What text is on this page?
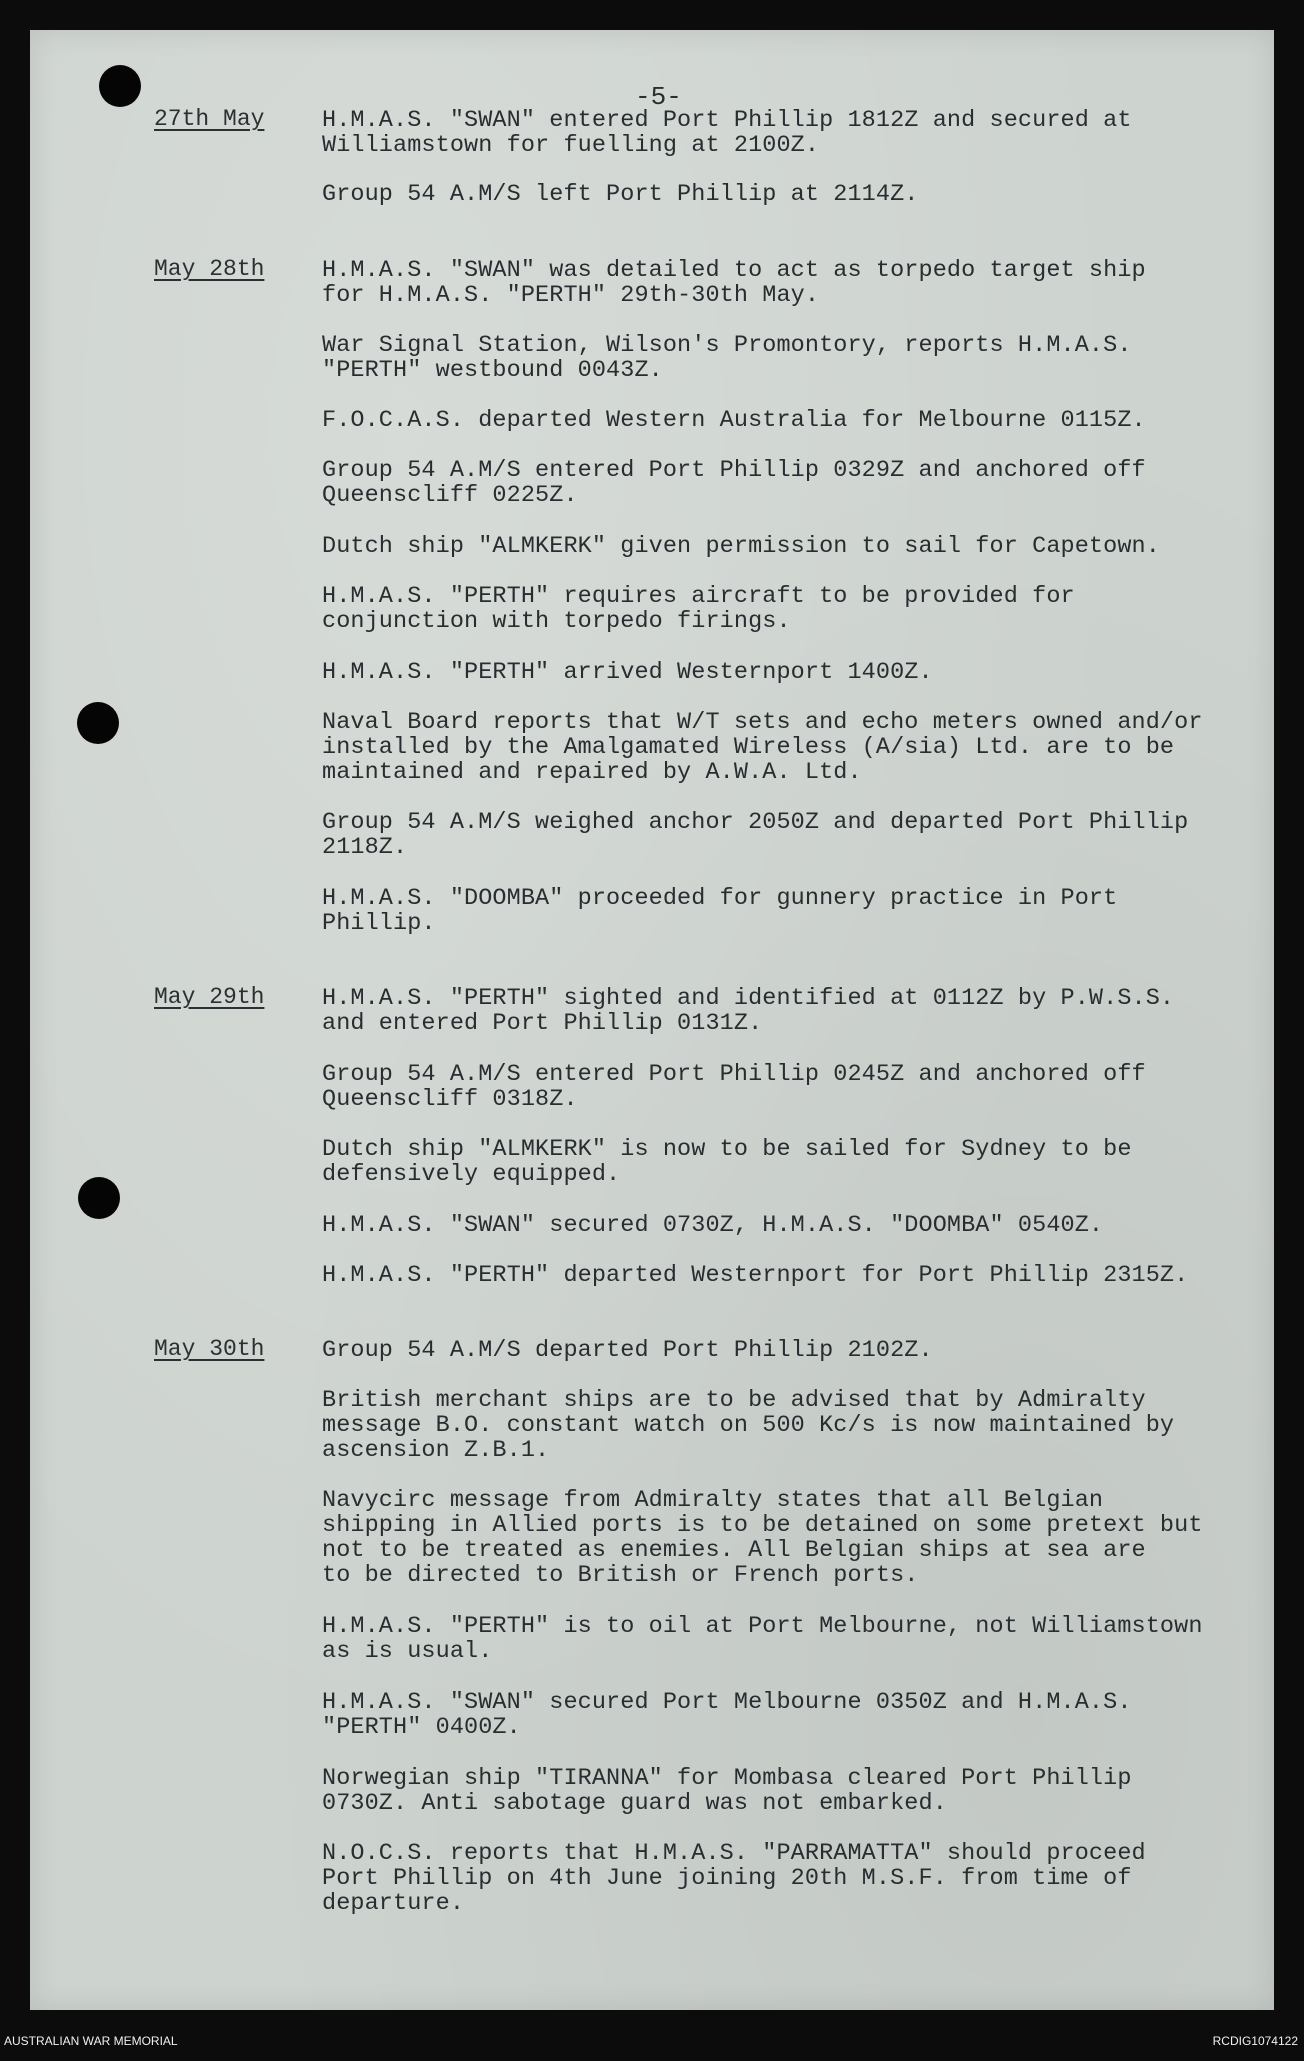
-5-
27th May H.M.A.S. "SWAN" entered Port Phillip 1812Z and secured at
Williamstown for fuelling at 2100Z.
Group 54 A.M/S left Port Phillip at 2114Z.
May 28th H.M.A.S. "SWAN" was detailed to act as torpedo target ship
for H.M.A.S. "PERTH" 29th-30th May.
War Signal Station, Wilson's Promontory, reports H.M.A.S.
"PERTH" westbound 0043Z.
F.O.C.A.S. departed Western Australia for Melbourne 0115Z.
Group 54 A.M/S entered Port Phillip 0329Z and anchored off
Queenscliff 0225Z.
Dutch ship "ALMKERK" given permission to sail for Capetown.
H.M.A.S. "PERTH" requires aircraft to be provided for
conjunction with torpedo firings.
H.M.A.S. "PERTH" arrived Westernport 1400Z.
Naval Board reports that W/T sets and echo meters owned and/or
installed by the Amalgamated Wireless (A/sia) Ltd. are to be
maintained and repaired by A.W.A. Ltd.
Group 54 A.M/S weighed anchor 2050Z and departed Port Phillip
2118Z.
H.M.A.S. "DOOMBA" proceeded for gunnery practice in Port
Phillip.
May 29th H.M.A.S. "PERTH" sighted and identified at 0112Z by P.W.S.S.
and entered Port Phillip 0131Z.
Group 54 A.M/S entered Port Phillip 0245Z and anchored off
Queenscliff 0318Z.
Dutch ship "ALMKERK" is now to be sailed for Sydney to be
defensively equipped.
H.M.A.S. "SWAN" secured 0730Z, H.M.A.S. "DOOMBA" 0540Z.
H.M.A.S. "PERTH" departed Westernport for Port Phillip 2315Z.
May 30th Group 54 A.M/S departed Port Phillip 2102Z.
British merchant ships are to be advised that by Admiralty
message B.O. constant watch on 500 Kc/s is now maintained by
ascension Z.B.1.
Navycirc message from Admiralty states that all Belgian
shipping in Allied ports is to be detained on some pretext but
not to be treated as enemies. All Belgian ships at sea are
to be directed to British or French ports.
H.M.A.S. "PERTH" is to oil at Port Melbourne, not Williamstown
as is usual.
H.M.A.S. "SWAN" secured Port Melbourne 0350Z and H.M.A.S.
"PERTH" 0400Z.
Norwegian ship "TIRANNA" for Mombasa cleared Port Phillip
0730Z. Anti sabotage guard was not embarked.
N.O.C.S. reports that H.M.A.S. "PARRAMATTA" should proceed
Port Phillip on 4th June joining 20th M.S.F. from time of
departure.
AUSTRALIAN WAR MEMORIAL	RCDIG1074122
